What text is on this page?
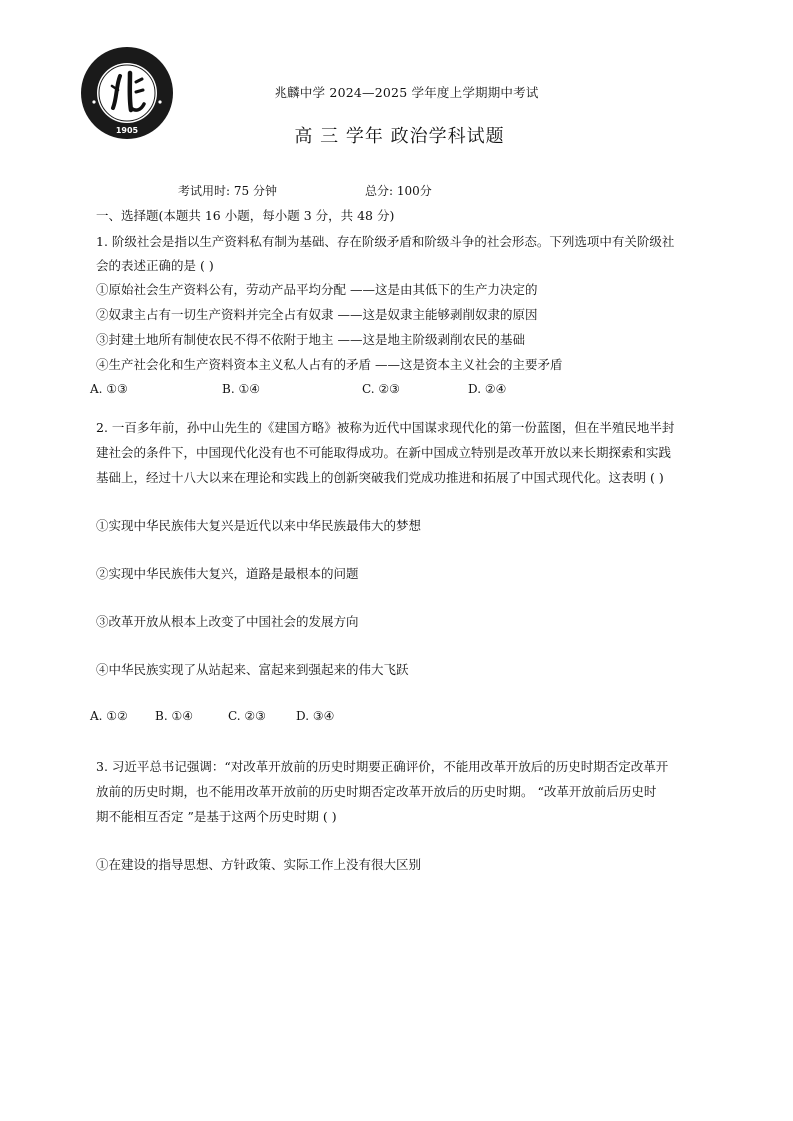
1905
兆麟中学 2024—2025 学年度上学期期中考试
高 三 学年 政治学科试题
考试用时: 75 分钟	总分: 100分
一、选择题(本题共 16 小题，每小题 3 分，共 48 分)
1. 阶级社会是指以生产资料私有制为基础、存在阶级矛盾和阶级斗争的社会形态。下列选项中有关阶级社
会的表述正确的是 ( )
①原始社会生产资料公有，劳动产品平均分配 ——这是由其低下的生产力决定的
②奴隶主占有一切生产资料并完全占有奴隶 ——这是奴隶主能够剥削奴隶的原因
③封建土地所有制使农民不得不依附于地主 ——这是地主阶级剥削农民的基础
④生产社会化和生产资料资本主义私人占有的矛盾 ——这是资本主义社会的主要矛盾
A. ①③	B. ①④	C. ②③	D. ②④
2. 一百多年前，孙中山先生的《建国方略》被称为近代中国谋求现代化的第一份蓝图，但在半殖民地半封
建社会的条件下，中国现代化没有也不可能取得成功。在新中国成立特别是改革开放以来长期探索和实践
基础上，经过十八大以来在理论和实践上的创新突破我们党成功推进和拓展了中国式现代化。这表明 ( )
①实现中华民族伟大复兴是近代以来中华民族最伟大的梦想
②实现中华民族伟大复兴，道路是最根本的问题
③改革开放从根本上改变了中国社会的发展方向
④中华民族实现了从站起来、富起来到强起来的伟大飞跃
A. ①② B. ①④	C. ②③	D. ③④
3. 习近平总书记强调：“对改革开放前的历史时期要正确评价，不能用改革开放后的历史时期否定改革开
放前的历史时期，也不能用改革开放前的历史时期否定改革开放后的历史时期。 “改革开放前后历史时
期不能相互否定 ”是基于这两个历史时期 ( )
①在建设的指导思想、方针政策、实际工作上没有很大区别
